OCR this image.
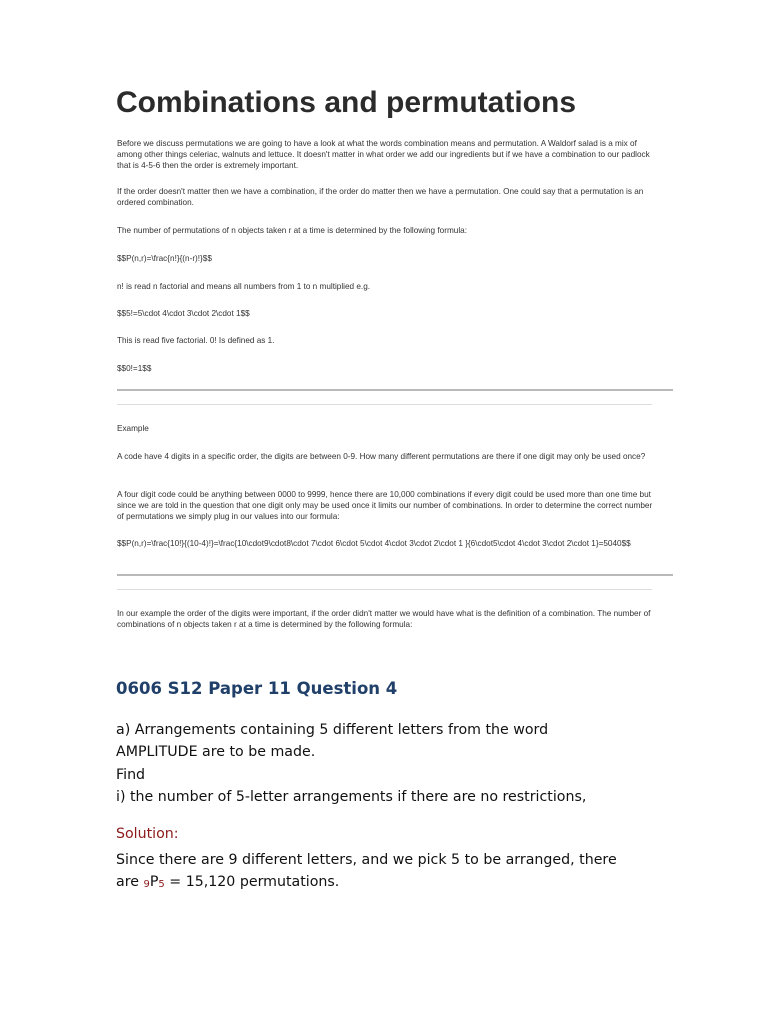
Combinations and permutations

Before we discuss permutations we are going to have a look at what the words combination means and permutation. A Waldorf salad is a mix of among other things celeriac, walnuts and lettuce. It doesn't matter in what order we add our ingredients but if we have a combination to our padlock that is 4-5-6 then the order is extremely important.

If the order doesn't matter then we have a combination, if the order do matter then we have a permutation. One could say that a permutation is an ordered combination.

The number of permutations of n objects taken r at a time is determined by the following formula:

$$P(n,r)=\frac{n!}{(n-r)!}$$

n! is read n factorial and means all numbers from 1 to n multiplied e.g.

$$5!=5\cdot 4\cdot 3\cdot 2\cdot 1$$

This is read five factorial. 0! Is defined as 1.

$$0!=1$$

Example

A code have 4 digits in a specific order, the digits are between 0-9. How many different permutations are there if one digit may only be used once?

A four digit code could be anything between 0000 to 9999, hence there are 10,000 combinations if every digit could be used more than one time but since we are told in the question that one digit only may be used once it limits our number of combinations. In order to determine the correct number of permutations we simply plug in our values into our formula:

$$P(n,r)=\frac{10!}{(10-4)!}=\frac{10\cdot9\cdot8\cdot 7\cdot 6\cdot 5\cdot 4\cdot 3\cdot 2\cdot 1 }{6\cdot5\cdot 4\cdot 3\cdot 2\cdot 1}=5040$$

In our example the order of the digits were important, if the order didn't matter we would have what is the definition of a combination. The number of combinations of n objects taken r at a time is determined by the following formula:

0606 S12 Paper 11 Question 4

a) Arrangements containing 5 different letters from the word

AMPLITUDE are to be made.

Find

i) the number of 5-letter arrangements if there are no restrictions,

Solution:

Since there are 9 different letters, and we pick 5 to be arranged, there

are 9P5 = 15,120 permutations.
